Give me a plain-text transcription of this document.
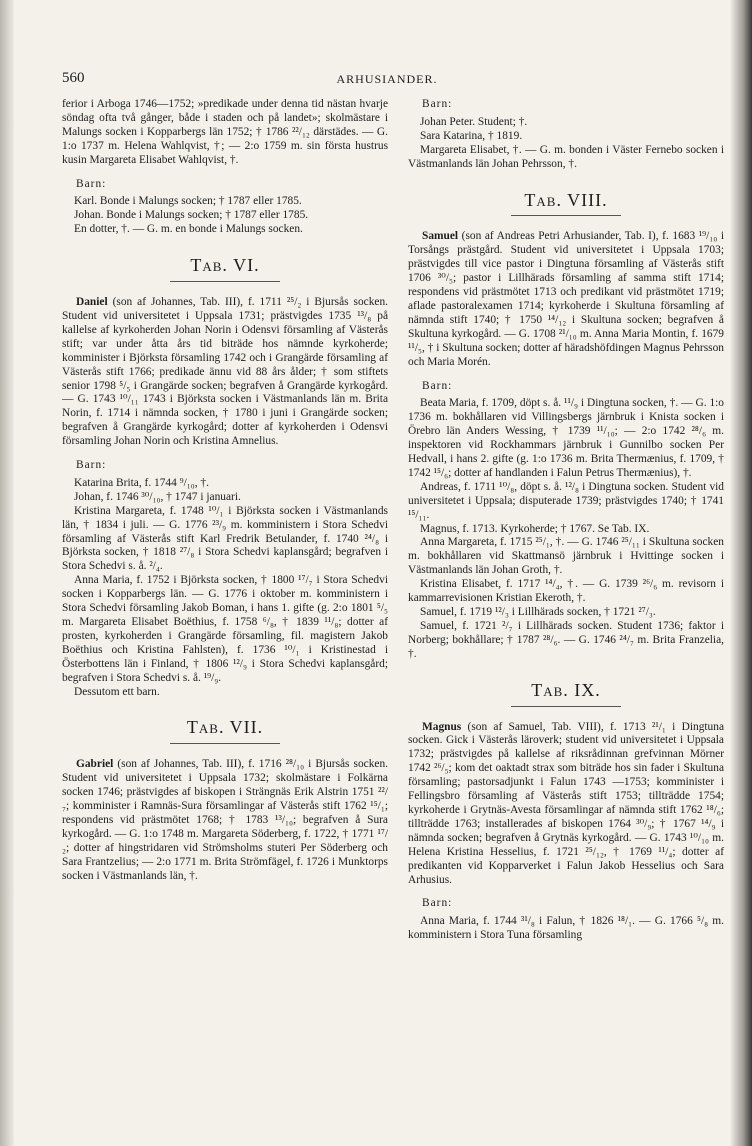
560	ARHUSIANDER.

ferior i Arboga 1746—1752; »predikade under denna tid nästan hvarje söndag ofta två gånger, både i staden och på landet»; skolmästare i Malungs socken i Kopparbergs län 1752; † 1786 ²²/₁₂ därstädes. — G. 1:o 1737 m. Helena Wahlqvist, †; — 2:o 1759 m. sin första hustrus kusin Margareta Elisabet Wahlqvist, †.

Barn:

Karl. Bonde i Malungs socken; † 1787 eller 1785.

Johan. Bonde i Malungs socken; † 1787 eller 1785.

En dotter, †. — G. m. en bonde i Malungs socken.

Tab. VI.

Daniel (son af Johannes, Tab. III), f. 1711 ²⁵/₂ i Bjursås socken. Student vid universitetet i Uppsala 1731; prästvigdes 1735 ¹³/₈ på kallelse af kyrkoherden Johan Norin i Odensvi församling af Västerås stift; var under åtta års tid biträde hos nämnde kyrkoherde; komminister i Björksta församling 1742 och i Grangärde församling af Västerås stift 1766; predikade ännu vid 88 års ålder; † som stiftets senior 1798 ⁵/₅ i Grangärde socken; begrafven å Grangärde kyrkogård. — G. 1743 ¹⁰/₁₁ 1743 i Björksta socken i Västmanlands län m. Brita Norin, f. 1714 i nämnda socken, † 1780 i juni i Grangärde socken; begrafven å Grangärde kyrkogård; dotter af kyrkoherden i Odensvi församling Johan Norin och Kristina Amnelius.

Barn:

Katarina Brita, f. 1744 ⁹/₁₀, †.

Johan, f. 1746 ³⁰/₁₀, † 1747 i januari.

Kristina Margareta, f. 1748 ¹⁰/₁ i Björksta socken i Västmanlands län, † 1834 i juli. — G. 1776 ²³/₉ m. komministern i Stora Schedvi församling af Västerås stift Karl Fredrik Betulander, f. 1740 ²⁴/₈ i Björksta socken, † 1818 ²⁷/₈ i Stora Schedvi kaplansgård; begrafven i Stora Schedvi s. å. ²/₄.

Anna Maria, f. 1752 i Björksta socken, † 1800 ¹⁷/₇ i Stora Schedvi socken i Kopparbergs län. — G. 1776 i oktober m. komministern i Stora Schedvi församling Jakob Boman, i hans 1. gifte (g. 2:o 1801 ⁵/₅ m. Margareta Elisabet Boëthius, f. 1758 ⁶/₈, † 1839 ¹¹/₈; dotter af prosten, kyrkoherden i Grangärde församling, fil. magistern Jakob Boëthius och Kristina Fahlsten), f. 1736 ¹⁰/₁ i Kristinestad i Österbottens län i Finland, † 1806 ¹²/₉ i Stora Schedvi kaplansgård; begrafven i Stora Schedvi s. å. ¹⁹/₉.

Dessutom ett barn.

Tab. VII.

Gabriel (son af Johannes, Tab. III), f. 1716 ²⁸/₁₀ i Bjursås socken. Student vid universitetet i Uppsala 1732; skolmästare i Folkärna socken 1746; prästvigdes af biskopen i Strängnäs Erik Alstrin 1751 ²²/₇; komminister i Ramnäs-Sura församlingar af Västerås stift 1762 ¹⁵/₁; respondens vid prästmötet 1768; † 1783 ¹³/₁₀; begrafven å Sura kyrkogård. — G. 1:o 1748 m. Margareta Söderberg, f. 1722, † 1771 ¹⁷/₂; dotter af hingstridaren vid Strömsholms stuteri Per Söderberg och Sara Frantzelius; — 2:o 1771 m. Brita Strömfägel, f. 1726 i Munktorps socken i Västmanlands län, †.

Barn:

Johan Peter. Student; †.

Sara Katarina, † 1819.

Margareta Elisabet, †. — G. m. bonden i Väster Fernebo socken i Västmanlands län Johan Pehrsson, †.

Tab. VIII.

Samuel (son af Andreas Petri Arhusiander, Tab. I), f. 1683 ¹⁹/₁₀ i Torsångs prästgård. Student vid universitetet i Uppsala 1703; prästvigdes till vice pastor i Dingtuna församling af Västerås stift 1706 ³⁰/₅; pastor i Lillhärads församling af samma stift 1714; respondens vid prästmötet 1713 och predikant vid prästmötet 1719; aflade pastoralexamen 1714; kyrkoherde i Skultuna församling af nämnda stift 1740; † 1750 ¹⁴/₁₂ i Skultuna socken; begrafven å Skultuna kyrkogård. — G. 1708 ²¹/₁₀ m. Anna Maria Montin, f. 1679 ¹¹/₅, † i Skultuna socken; dotter af häradshöfdingen Magnus Pehrsson och Maria Morén.

Barn:

Beata Maria, f. 1709, döpt s. å. ¹¹/₉ i Dingtuna socken, †. — G. 1:o 1736 m. bokhållaren vid Villingsbergs järnbruk i Knista socken i Örebro län Anders Wessing, † 1739 ¹¹/₁₀; — 2:o 1742 ²⁸/₆ m. inspektoren vid Rockhammars järnbruk i Gunnilbo socken Per Hedvall, i hans 2. gifte (g. 1:o 1736 m. Brita Thermænius, f. 1709, † 1742 ¹⁵/₆; dotter af handlanden i Falun Petrus Thermænius), †.

Andreas, f. 1711 ¹⁰/₈, döpt s. å. ¹²/₈ i Dingtuna socken. Student vid universitetet i Uppsala; disputerade 1739; prästvigdes 1740; † 1741 ¹⁵/₁₁.

Magnus, f. 1713. Kyrkoherde; † 1767. Se Tab. IX.

Anna Margareta, f. 1715 ²⁵/₁, †. — G. 1746 ²⁵/₁₁ i Skultuna socken m. bokhållaren vid Skattmansö järnbruk i Hvittinge socken i Västmanlands län Johan Groth, †.

Kristina Elisabet, f. 1717 ¹⁴/₄, †. — G. 1739 ²⁶/₆ m. revisorn i kammarrevisionen Kristian Ekeroth, †.

Samuel, f. 1719 ¹²/₃ i Lillhärads socken, † 1721 ²⁷/₃.

Samuel, f. 1721 ²/₇ i Lillhärads socken. Student 1736; faktor i Norberg; bokhållare; † 1787 ²⁸/₆. — G. 1746 ²⁴/₇ m. Brita Franzelia, †.

Tab. IX.

Magnus (son af Samuel, Tab. VIII), f. 1713 ²¹/₁ i Dingtuna socken. Gick i Västerås läroverk; student vid universitetet i Uppsala 1732; prästvigdes på kallelse af riksrådinnan grefvinnan Mörner 1742 ²⁶/₅; kom det oaktadt strax som biträde hos sin fader i Skultuna församling; pastorsadjunkt i Falun 1743 —1753; komminister i Fellingsbro församling af Västerås stift 1753; tillträdde 1754; kyrkoherde i Grytnäs-Avesta församlingar af nämnda stift 1762 ¹⁸/₆; tillträdde 1763; installerades af biskopen 1764 ³⁰/₉; † 1767 ¹⁴/₉ i nämnda socken; begrafven å Grytnäs kyrkogård. — G. 1743 ¹⁰/₁₀ m. Helena Kristina Hesselius, f. 1721 ²⁵/₁₂, † 1769 ¹¹/₄; dotter af predikanten vid Kopparverket i Falun Jakob Hesselius och Sara Arhusius.

Barn:

Anna Maria, f. 1744 ³¹/₈ i Falun, † 1826 ¹⁸/₁. — G. 1766 ⁵/₈ m. komministern i Stora Tuna församling
